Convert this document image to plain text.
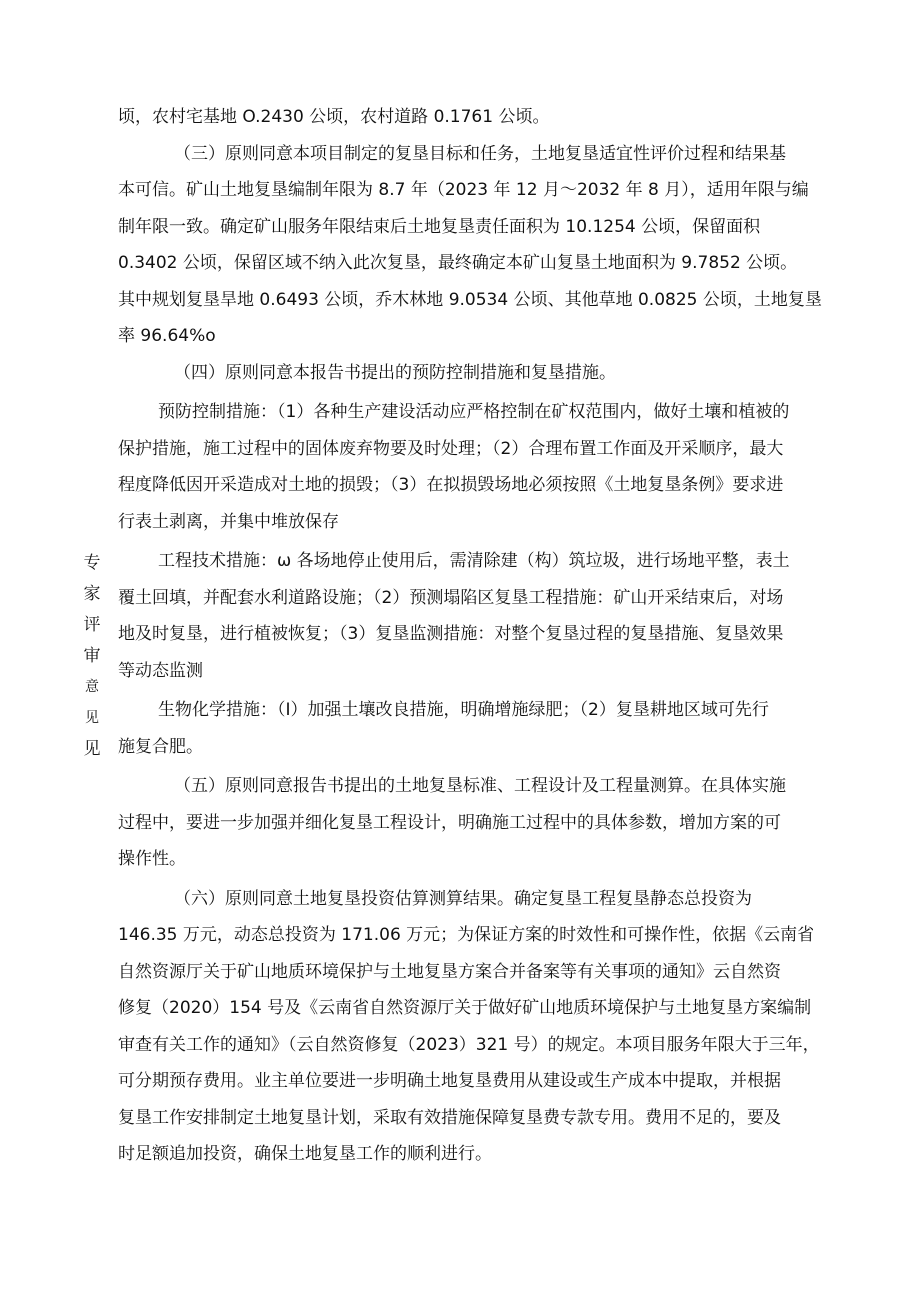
专
家
评
审
意见
见

顷，农村宅基地 O.2430 公顷，农村道路 0.1761 公顷。

（三）原则同意本项目制定的复垦目标和任务，土地复垦适宜性评价过程和结果基
本可信。矿山土地复垦编制年限为 8.7 年（2023 年 12 月～2032 年 8 月），适用年限与编
制年限一致。确定矿山服务年限结束后土地复垦责任面积为 10.1254 公顷，保留面积
0.3402 公顷，保留区域不纳入此次复垦，最终确定本矿山复垦土地面积为 9.7852 公顷。
其中规划复垦旱地 0.6493 公顷，乔木林地 9.0534 公顷、其他草地 0.0825 公顷，土地复垦
率 96.64%o

（四）原则同意本报告书提出的预防控制措施和复垦措施。

预防控制措施：（1）各种生产建设活动应严格控制在矿权范围内，做好土壤和植被的
保护措施，施工过程中的固体废弃物要及时处理；（2）合理布置工作面及开采顺序，最大
程度降低因开采造成对土地的损毁；（3）在拟损毁场地必须按照《土地复垦条例》要求进
行表土剥离，并集中堆放保存

工程技术措施：ω 各场地停止使用后，需清除建（构）筑垃圾，进行场地平整，表土
覆土回填，并配套水利道路设施；（2）预测塌陷区复垦工程措施：矿山开采结束后，对场
地及时复垦，进行植被恢复；（3）复垦监测措施：对整个复垦过程的复垦措施、复垦效果
等动态监测

生物化学措施：（I）加强土壤改良措施，明确增施绿肥；（2）复垦耕地区域可先行
施复合肥。

（五）原则同意报告书提出的土地复垦标准、工程设计及工程量测算。在具体实施
过程中，要进一步加强并细化复垦工程设计，明确施工过程中的具体参数，增加方案的可
操作性。

（六）原则同意土地复垦投资估算测算结果。确定复垦工程复垦静态总投资为
146.35 万元，动态总投资为 171.06 万元；为保证方案的时效性和可操作性，依据《云南省
自然资源厅关于矿山地质环境保护与土地复垦方案合并备案等有关事项的通知》云自然资
修复（2020）154 号及《云南省自然资源厅关于做好矿山地质环境保护与土地复垦方案编制
审查有关工作的通知》（云自然资修复（2023）321 号）的规定。本项目服务年限大于三年，
可分期预存费用。业主单位要进一步明确土地复垦费用从建设或生产成本中提取，并根据
复垦工作安排制定土地复垦计划，采取有效措施保障复垦费专款专用。费用不足的，要及
时足额追加投资，确保土地复垦工作的顺利进行。
